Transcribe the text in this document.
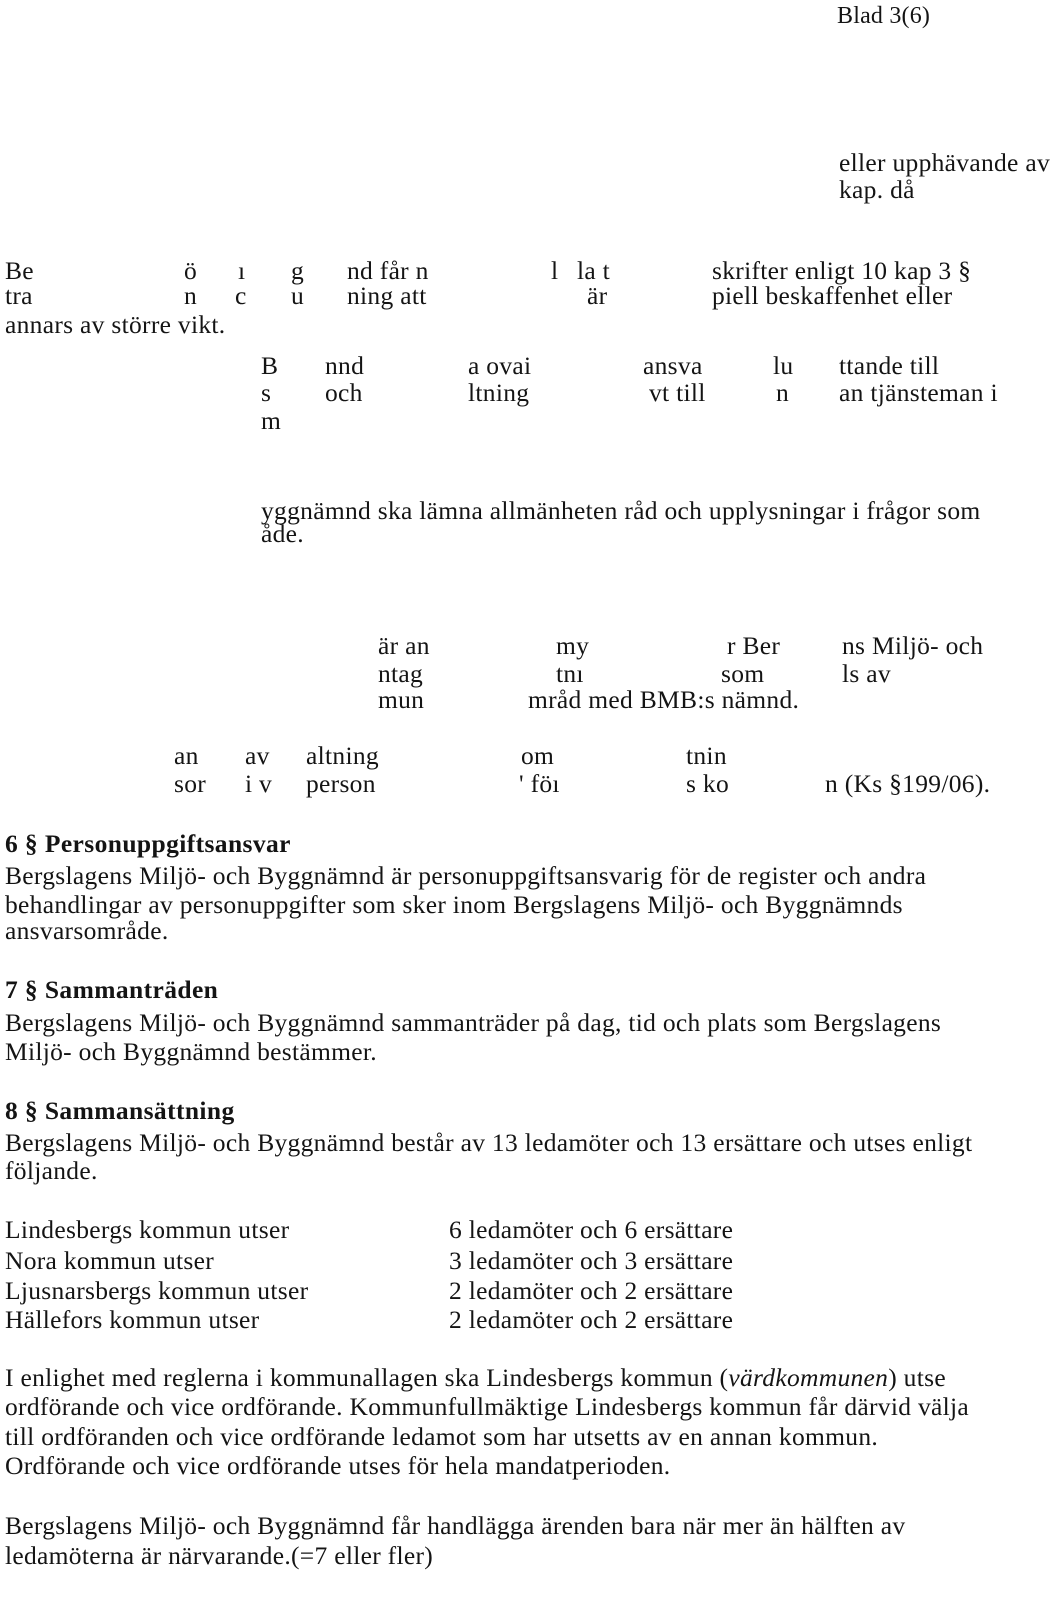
Blad 3(6)
eller upphävande av
kap. då
Be	ö ı g nd får n	l la t	skrifter enligt 10 kap 3 §
tra	n c u ning att	är	piell beskaffenhet eller
annars av större vikt.
B nnd	a ovai	ansva	lu ttande till
s och	ltning	vt till	n an tjänsteman i
m
yggnämnd ska lämna allmänheten råd och upplysningar i frågor som
åde.
är an	my	r Ber ns Miljö- och
ntag	tnı	som	ls av
mun	mråd med BMB:s nämnd.
an av altning	om	tnin
sor i v person	' föı	s ko	n (Ks §199/06).
6 § Personuppgiftsansvar
Bergslagens Miljö- och Byggnämnd är personuppgiftsansvarig för de register och andra
behandlingar av personuppgifter som sker inom Bergslagens Miljö- och Byggnämnds
ansvarsområde.
7 § Sammanträden
Bergslagens Miljö- och Byggnämnd sammanträder på dag, tid och plats som Bergslagens
Miljö- och Byggnämnd bestämmer.
8 § Sammansättning
Bergslagens Miljö- och Byggnämnd består av 13 ledamöter och 13 ersättare och utses enligt
följande.
Lindesbergs kommun utser	6 ledamöter och 6 ersättare
Nora kommun utser	3 ledamöter och 3 ersättare
Ljusnarsbergs kommun utser	2 ledamöter och 2 ersättare
Hällefors kommun utser	2 ledamöter och 2 ersättare
I enlighet med reglerna i kommunallagen ska Lindesbergs kommun (värdkommunen) utse
ordförande och vice ordförande. Kommunfullmäktige Lindesbergs kommun får därvid välja
till ordföranden och vice ordförande ledamot som har utsetts av en annan kommun.
Ordförande och vice ordförande utses för hela mandatperioden.
Bergslagens Miljö- och Byggnämnd får handlägga ärenden bara när mer än hälften av
ledamöterna är närvarande.(=7 eller fler)
